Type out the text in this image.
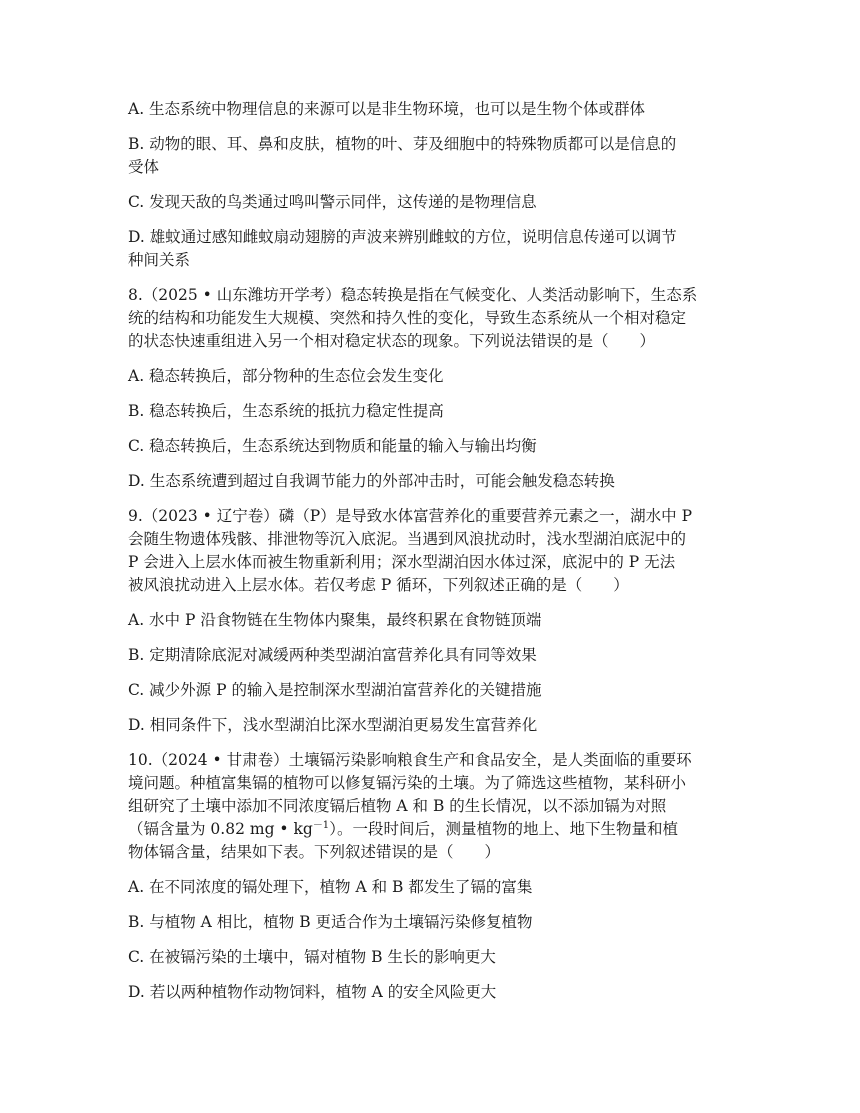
A. 生态系统中物理信息的来源可以是非生物环境，也可以是生物个体或群体
B. 动物的眼、耳、鼻和皮肤，植物的叶、芽及细胞中的特殊物质都可以是信息的
受体
C. 发现天敌的鸟类通过鸣叫警示同伴，这传递的是物理信息
D. 雄蚊通过感知雌蚊扇动翅膀的声波来辨别雌蚊的方位，说明信息传递可以调节
种间关系
8.（2025 • 山东潍坊开学考）稳态转换是指在气候变化、人类活动影响下，生态系
统的结构和功能发生大规模、突然和持久性的变化，导致生态系统从一个相对稳定
的状态快速重组进入另一个相对稳定状态的现象。下列说法错误的是（　　）
A. 稳态转换后，部分物种的生态位会发生变化
B. 稳态转换后，生态系统的抵抗力稳定性提高
C. 稳态转换后，生态系统达到物质和能量的输入与输出均衡
D. 生态系统遭到超过自我调节能力的外部冲击时，可能会触发稳态转换
9.（2023 • 辽宁卷）磷（P）是导致水体富营养化的重要营养元素之一，湖水中 P
会随生物遗体残骸、排泄物等沉入底泥。当遇到风浪扰动时，浅水型湖泊底泥中的
P 会进入上层水体而被生物重新利用；深水型湖泊因水体过深，底泥中的 P 无法
被风浪扰动进入上层水体。若仅考虑 P 循环，下列叙述正确的是（　　）
A. 水中 P 沿食物链在生物体内聚集，最终积累在食物链顶端
B. 定期清除底泥对减缓两种类型湖泊富营养化具有同等效果
C. 减少外源 P 的输入是控制深水型湖泊富营养化的关键措施
D. 相同条件下，浅水型湖泊比深水型湖泊更易发生富营养化
10.（2024 • 甘肃卷）土壤镉污染影响粮食生产和食品安全，是人类面临的重要环
境问题。种植富集镉的植物可以修复镉污染的土壤。为了筛选这些植物，某科研小
组研究了土壤中添加不同浓度镉后植物 A 和 B 的生长情况，以不添加镉为对照
（镉含量为 0.82 mg • $kg^{-1}$）。一段时间后，测量植物的地上、地下生物量和植
物体镉含量，结果如下表。下列叙述错误的是（　　）
A. 在不同浓度的镉处理下，植物 A 和 B 都发生了镉的富集
B. 与植物 A 相比，植物 B 更适合作为土壤镉污染修复植物
C. 在被镉污染的土壤中，镉对植物 B 生长的影响更大
D. 若以两种植物作动物饲料，植物 A 的安全风险更大
